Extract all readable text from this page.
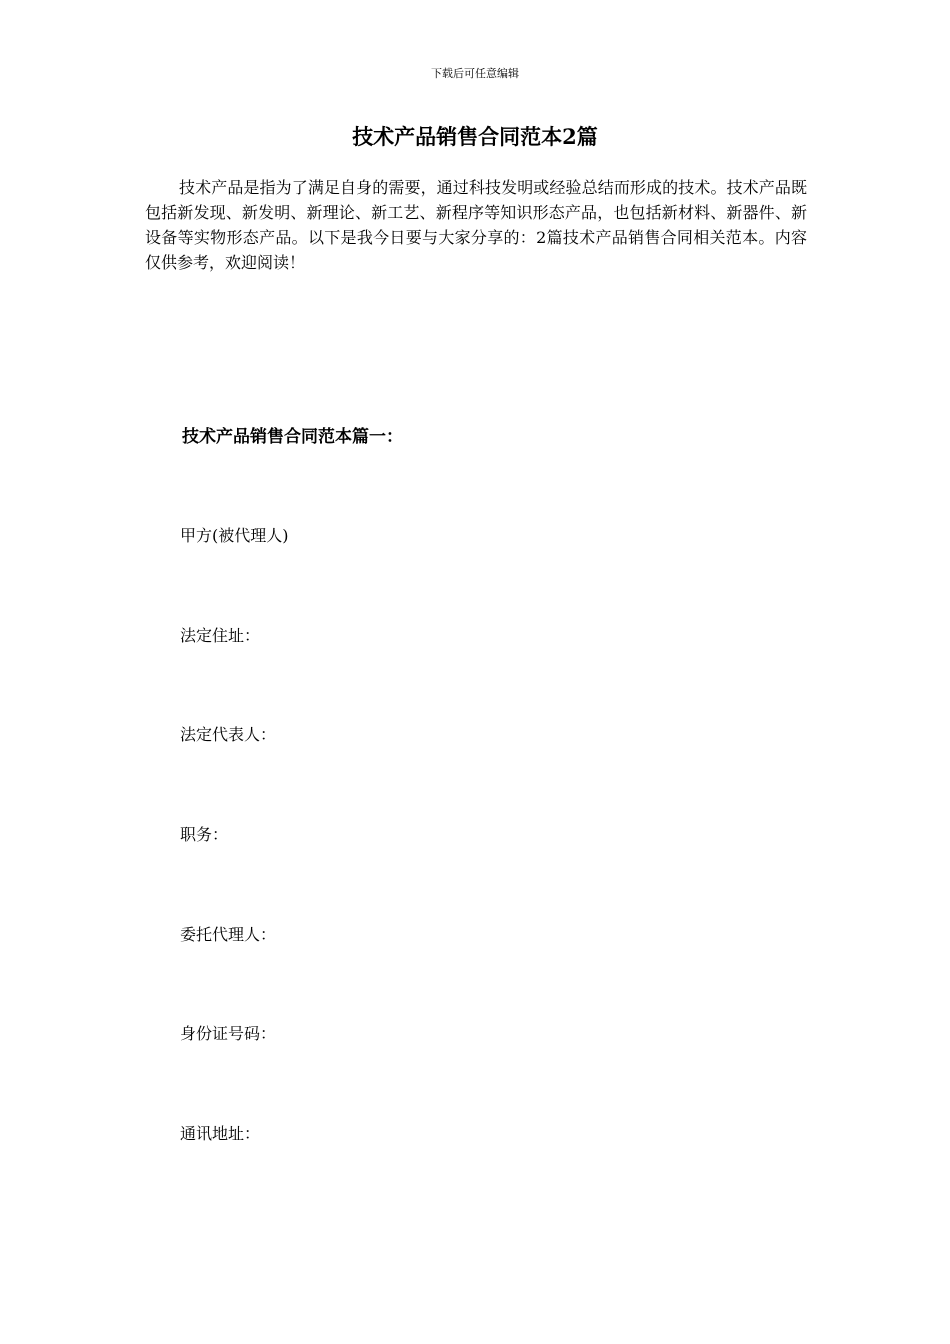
下载后可任意编辑
技术产品销售合同范本2篇

技术产品是指为了满足自身的需要，通过科技发明或经验总结而形成的技术。技术产品既包括新发现、新发明、新理论、新工艺、新程序等知识形态产品，也包括新材料、新器件、新设备等实物形态产品。以下是我今日要与大家分享的：2篇技术产品销售合同相关范本。内容仅供参考，欢迎阅读！

技术产品销售合同范本篇一：

甲方(被代理人)

法定住址：

法定代表人：

职务：

委托代理人：

身份证号码：

通讯地址：
